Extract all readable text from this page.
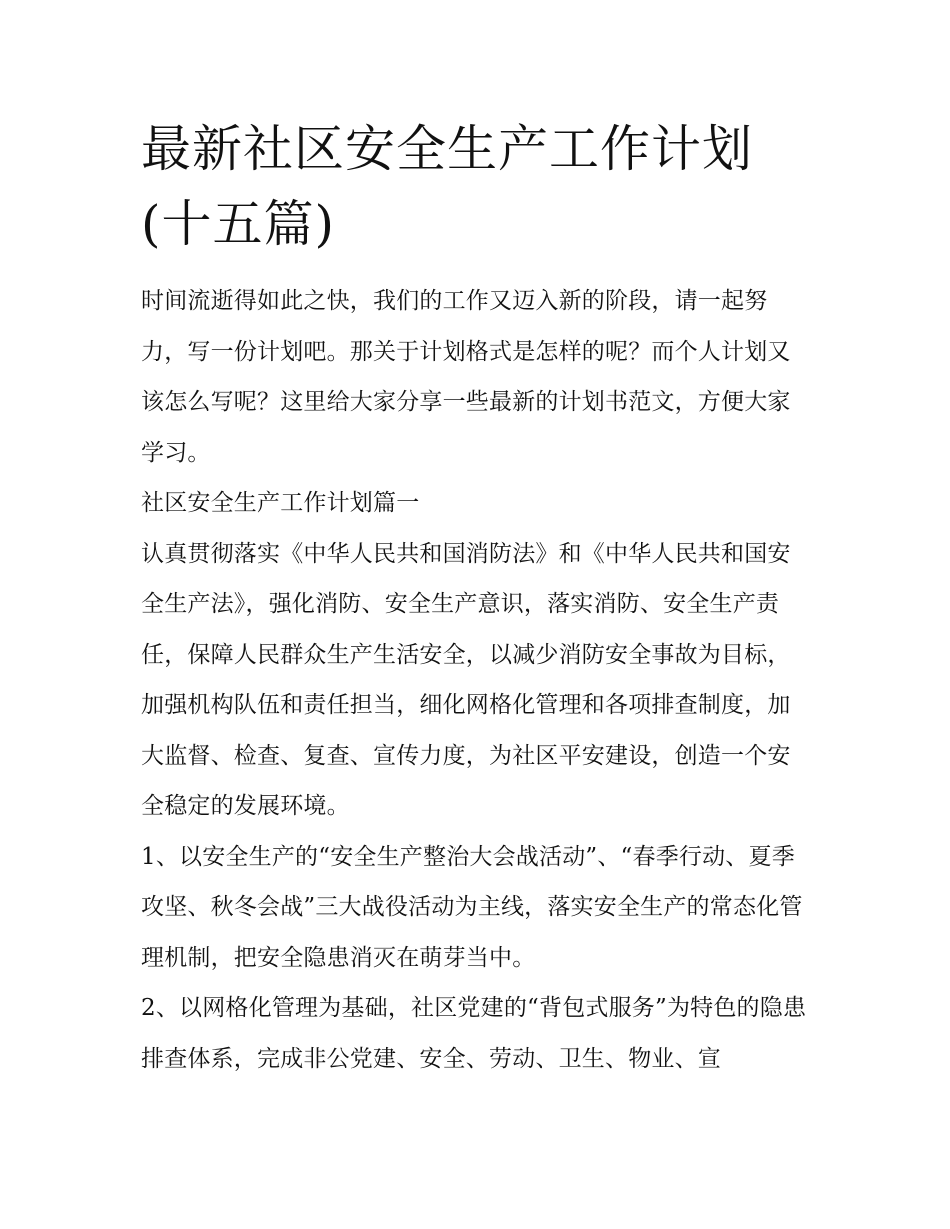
最新社区安全生产工作计划(十五篇)

时间流逝得如此之快，我们的工作又迈入新的阶段，请一起努力，写一份计划吧。那关于计划格式是怎样的呢？而个人计划又该怎么写呢？这里给大家分享一些最新的计划书范文，方便大家学习。

社区安全生产工作计划篇一

认真贯彻落实《中华人民共和国消防法》和《中华人民共和国安全生产法》，强化消防、安全生产意识，落实消防、安全生产责任，保障人民群众生产生活安全，以减少消防安全事故为目标，加强机构队伍和责任担当，细化网格化管理和各项排查制度，加大监督、检查、复查、宣传力度，为社区平安建设，创造一个安全稳定的发展环境。

1、以安全生产的“安全生产整治大会战活动”、“春季行动、夏季攻坚、秋冬会战”三大战役活动为主线，落实安全生产的常态化管理机制，把安全隐患消灭在萌芽当中。

2、以网格化管理为基础，社区党建的“背包式服务”为特色的隐患排查体系，完成非公党建、安全、劳动、卫生、物业、宣
